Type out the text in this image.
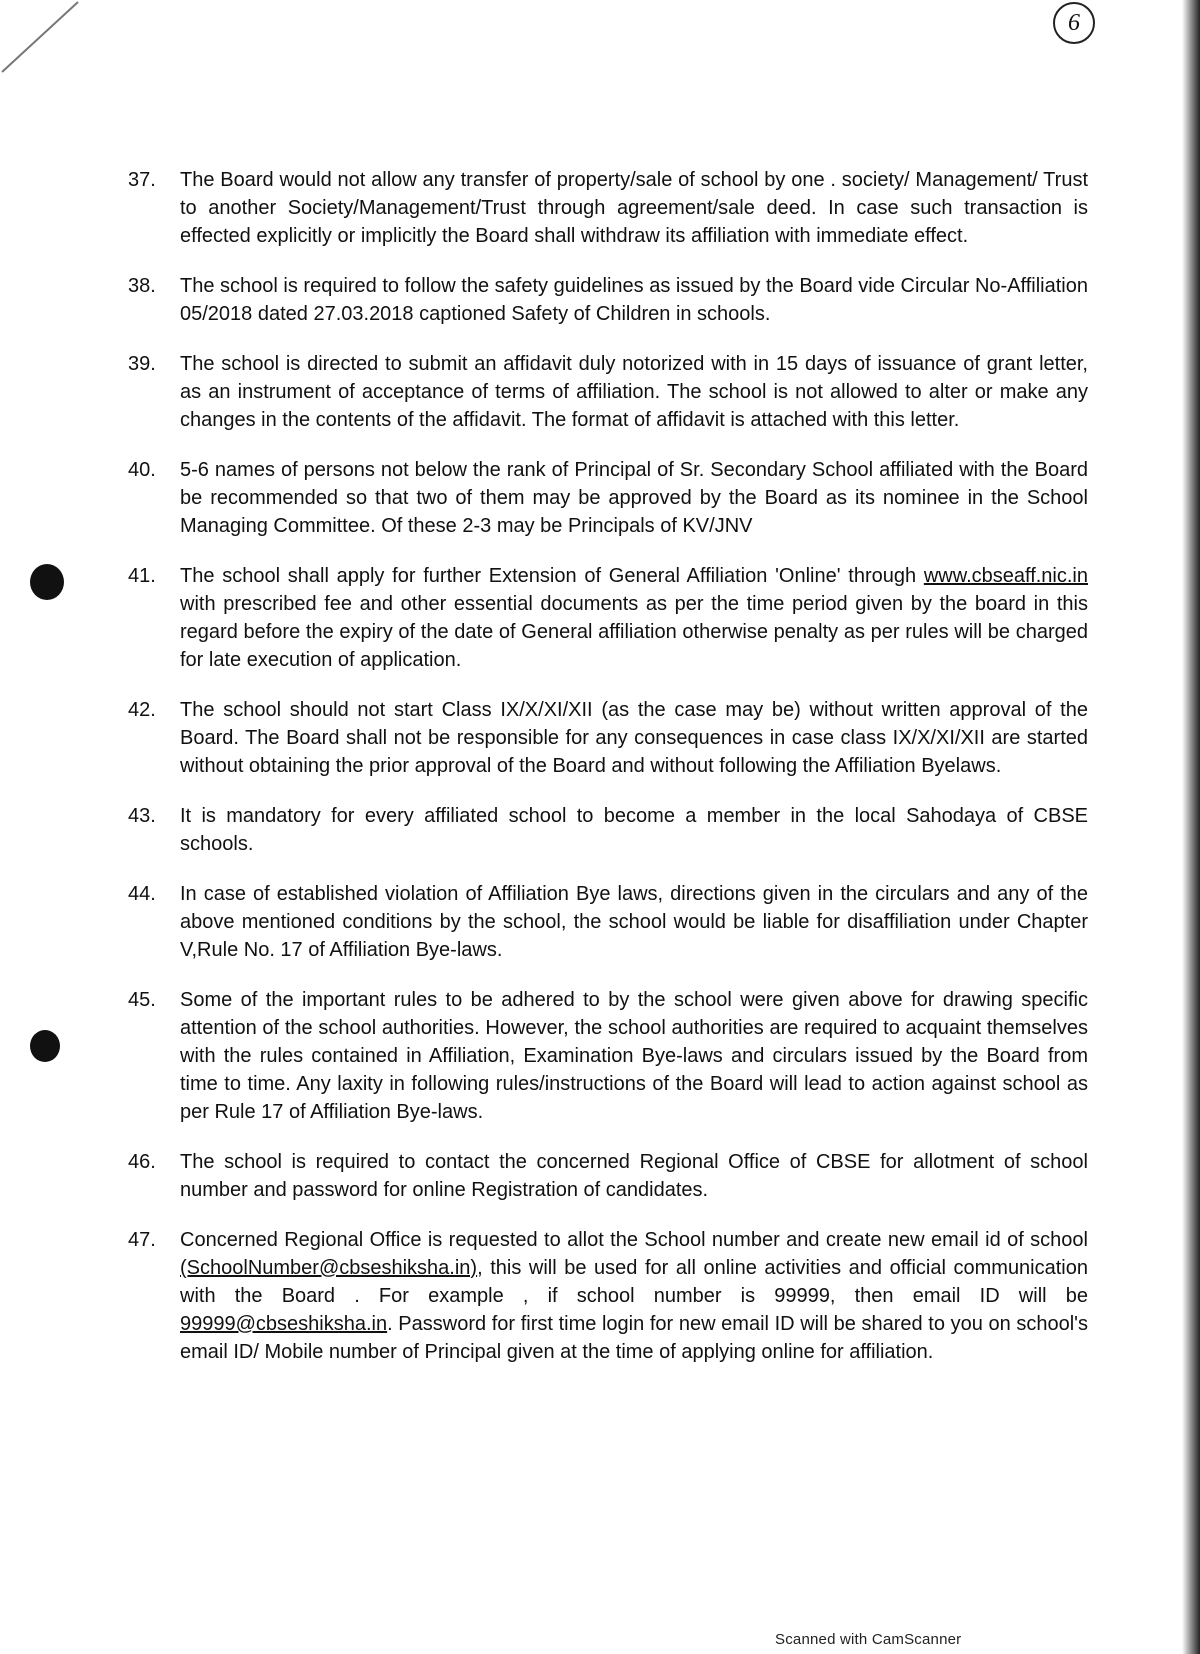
6
37.	The Board would not allow any transfer of property/sale of school by one . society/ Management/ Trust to another Society/Management/Trust through agreement/sale deed. In case such transaction is effected explicitly or implicitly the Board shall withdraw its affiliation with immediate effect.
38.	The school is required to follow the safety guidelines as issued by the Board vide Circular No-Affiliation 05/2018 dated 27.03.2018 captioned Safety of Children in schools.
39.	The school is directed to submit an affidavit duly notorized with in 15 days of issuance of grant letter, as an instrument of acceptance of terms of affiliation. The school is not allowed to alter or make any changes in the contents of the affidavit. The format of affidavit is attached with this letter.
40.	5-6 names of persons not below the rank of Principal of Sr. Secondary School affiliated with the Board be recommended so that two of them may be approved by the Board as its nominee in the School Managing Committee. Of these 2-3 may be Principals of KV/JNV
41.	The school shall apply for further Extension of General Affiliation 'Online' through www.cbseaff.nic.in with prescribed fee and other essential documents as per the time period given by the board in this regard before the expiry of the date of General affiliation otherwise penalty as per rules will be charged for late execution of application.
42.	The school should not start Class IX/X/XI/XII (as the case may be) without written approval of the Board. The Board shall not be responsible for any consequences in case class IX/X/XI/XII are started without obtaining the prior approval of the Board and without following the Affiliation Byelaws.
43.	It is mandatory for every affiliated school to become a member in the local Sahodaya of CBSE schools.
44.	In case of established violation of Affiliation Bye laws, directions given in the circulars and any of the above mentioned conditions by the school, the school would be liable for disaffiliation under Chapter V,Rule No. 17 of Affiliation Bye-laws.
45.	Some of the important rules to be adhered to by the school were given above for drawing specific attention of the school authorities. However, the school authorities are required to acquaint themselves with the rules contained in Affiliation, Examination Bye-laws and circulars issued by the Board from time to time. Any laxity in following rules/instructions of the Board will lead to action against school as per Rule 17 of Affiliation Bye-laws.
46.	The school is required to contact the concerned Regional Office of CBSE for allotment of school number and password for online Registration of candidates.
47.	Concerned Regional Office is requested to allot the School number and create new email id of school (SchoolNumber@cbseshiksha.in), this will be used for all online activities and official communication with the Board . For example , if school number is 99999, then email ID will be 99999@cbseshiksha.in. Password for first time login for new email ID will be shared to you on school's email ID/ Mobile number of Principal given at the time of applying online for affiliation.
Scanned with CamScanner
